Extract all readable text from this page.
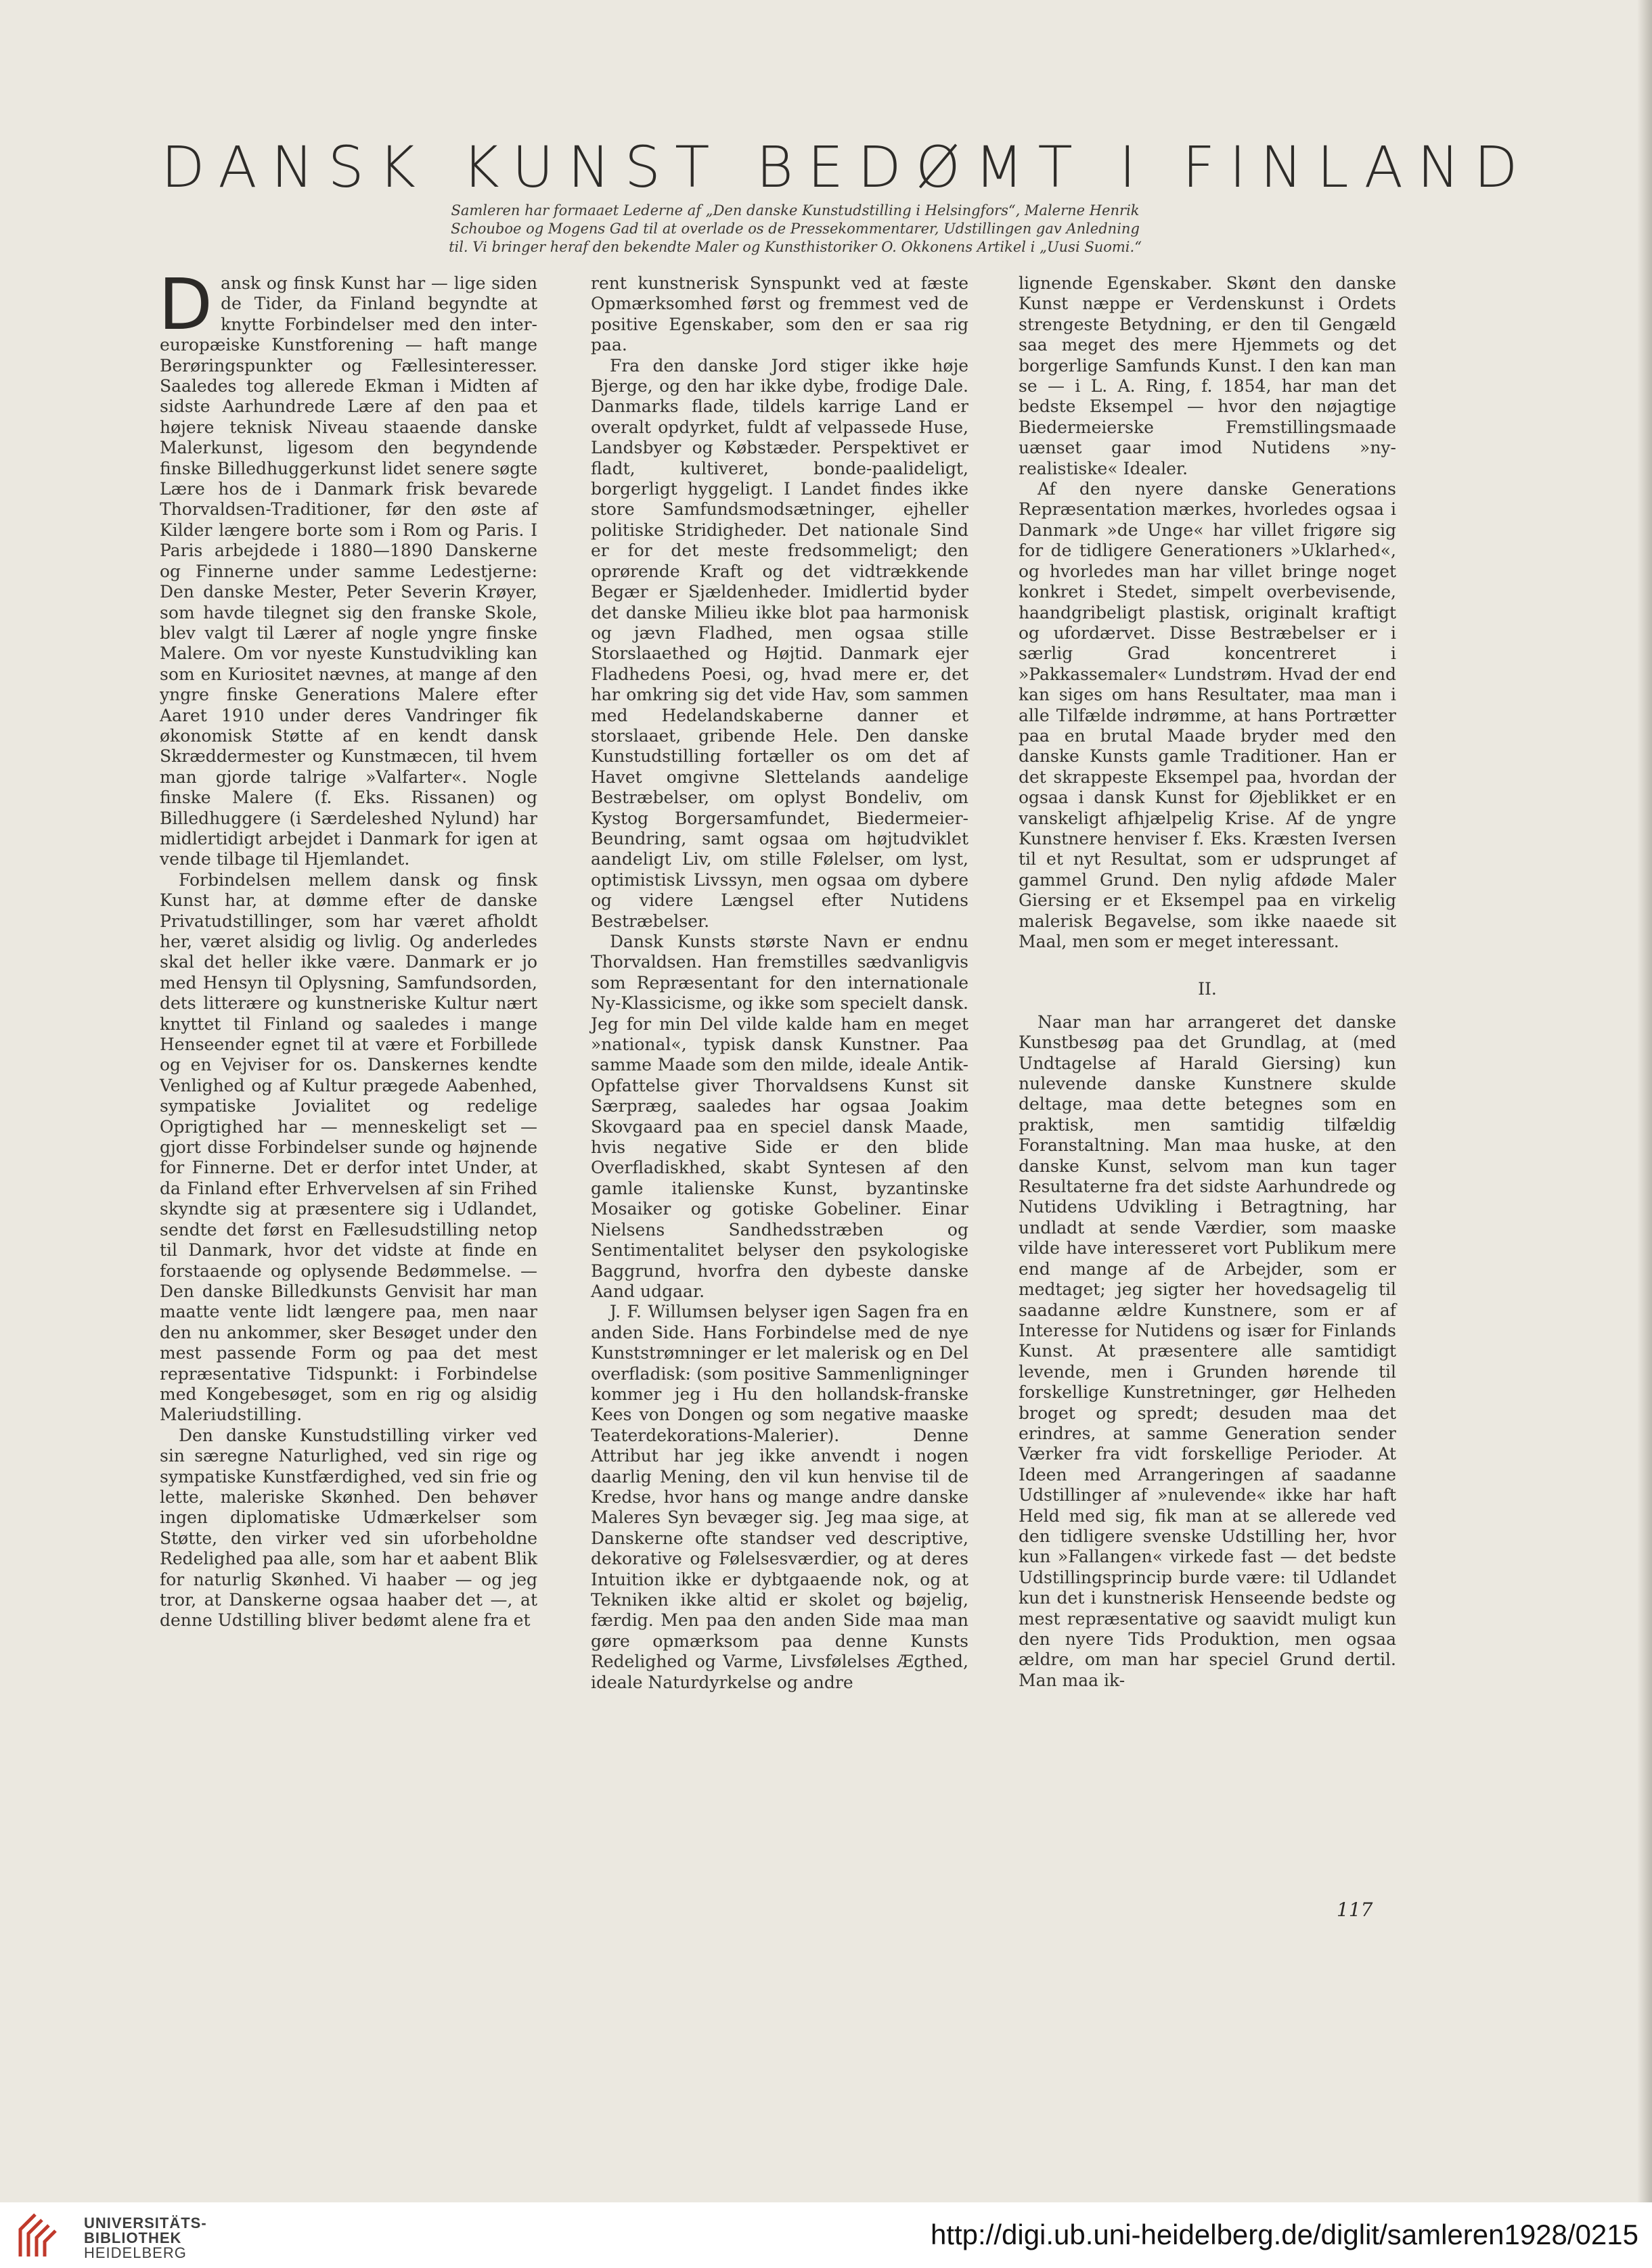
DANSK KUNST BEDØMT I FINLAND
Samleren har formaaet Lederne af „Den danske Kunstudstilling i Helsingfors“, Malerne Henrik
Schouboe og Mogens Gad til at overlade os de Pressekommentarer, Udstillingen gav Anledning
til. Vi bringer heraf den bekendte Maler og Kunsthistoriker O. Okkonens Artikel i „Uusi Suomi.“

Dansk og finsk Kunst har — lige siden de Tider, da Finland begyndte at knytte Forbindelser med den inter-europæiske Kunstforening — haft mange Berøringspunkter og Fællesinteresser. Saaledes tog allerede Ekman i Midten af sidste Aarhundrede Lære af den paa et højere teknisk Niveau staaende danske Malerkunst, ligesom den begyndende finske Billedhuggerkunst lidet senere søgte Lære hos de i Danmark frisk bevarede Thorvaldsen-Traditioner, før den øste af Kilder længere borte som i Rom og Paris. I Paris arbejdede i 1880—1890 Danskerne og Finnerne under samme Ledestjerne: Den danske Mester, Peter Severin Krøyer, som havde tilegnet sig den franske Skole, blev valgt til Lærer af nogle yngre finske Malere. Om vor nyeste Kunstudvikling kan som en Kuriositet nævnes, at mange af den yngre finske Generations Malere efter Aaret 1910 under deres Vandringer fik økonomisk Støtte af en kendt dansk Skræddermester og Kunstmæcen, til hvem man gjorde talrige »Valfarter«. Nogle finske Malere (f. Eks. Rissanen) og Billedhuggere (i Særdeleshed Nylund) har midlertidigt arbejdet i Danmark for igen at vende tilbage til Hjemlandet.

Forbindelsen mellem dansk og finsk Kunst har, at dømme efter de danske Privatudstillinger, som har været afholdt her, været alsidig og livlig. Og anderledes skal det heller ikke være. Danmark er jo med Hensyn til Oplysning, Samfundsorden, dets litterære og kunstneriske Kultur nært knyttet til Finland og saaledes i mange Henseender egnet til at være et Forbillede og en Vejviser for os. Danskernes kendte Venlighed og af Kultur prægede Aabenhed, sympatiske Jovialitet og redelige Oprigtighed har — menneskeligt set — gjort disse Forbindelser sunde og højnende for Finnerne. Det er derfor intet Under, at da Finland efter Erhvervelsen af sin Frihed skyndte sig at præsentere sig i Udlandet, sendte det først en Fællesudstilling netop til Danmark, hvor det vidste at finde en forstaaende og oplysende Bedømmelse. — Den danske Billedkunsts Genvisit har man maatte vente lidt længere paa, men naar den nu ankommer, sker Besøget under den mest passende Form og paa det mest repræsentative Tidspunkt: i Forbindelse med Kongebesøget, som en rig og alsidig Maleriudstilling.

Den danske Kunstudstilling virker ved sin særegne Naturlighed, ved sin rige og sympatiske Kunstfærdighed, ved sin frie og lette, maleriske Skønhed. Den behøver ingen diplomatiske Udmærkelser som Støtte, den virker ved sin uforbeholdne Redelighed paa alle, som har et aabent Blik for naturlig Skønhed. Vi haaber — og jeg tror, at Danskerne ogsaa haaber det —, at denne Udstilling bliver bedømt alene fra et

rent kunstnerisk Synspunkt ved at fæste Opmærksomhed først og fremmest ved de positive Egenskaber, som den er saa rig paa.

Fra den danske Jord stiger ikke høje Bjerge, og den har ikke dybe, frodige Dale. Danmarks flade, tildels karrige Land er overalt opdyrket, fuldt af velpassede Huse, Landsbyer og Købstæder. Perspektivet er fladt, kultiveret, bonde-paalideligt, borgerligt hyggeligt. I Landet findes ikke store Samfundsmodsætninger, ejheller politiske Stridigheder. Det nationale Sind er for det meste fredsommeligt; den oprørende Kraft og det vidtrækkende Begær er Sjældenheder. Imidlertid byder det danske Milieu ikke blot paa harmonisk og jævn Fladhed, men ogsaa stille Storslaaethed og Højtid. Danmark ejer Fladhedens Poesi, og, hvad mere er, det har omkring sig det vide Hav, som sammen med Hedelandskaberne danner et storslaaet, gribende Hele. Den danske Kunstudstilling fortæller os om det af Havet omgivne Slettelands aandelige Bestræbelser, om oplyst Bondeliv, om Kystog Borgersamfundet, Biedermeier-Beundring, samt ogsaa om højtudviklet aandeligt Liv, om stille Følelser, om lyst, optimistisk Livssyn, men ogsaa om dybere og videre Længsel efter Nutidens Bestræbelser.

Dansk Kunsts største Navn er endnu Thorvaldsen. Han fremstilles sædvanligvis som Repræsentant for den internationale Ny-Klassicisme, og ikke som specielt dansk. Jeg for min Del vilde kalde ham en meget »national«, typisk dansk Kunstner. Paa samme Maade som den milde, ideale Antik-Opfattelse giver Thorvaldsens Kunst sit Særpræg, saaledes har ogsaa Joakim Skovgaard paa en speciel dansk Maade, hvis negative Side er den blide Overfladiskhed, skabt Syntesen af den gamle italienske Kunst, byzantinske Mosaiker og gotiske Gobeliner. Einar Nielsens Sandhedsstræben og Sentimentalitet belyser den psykologiske Baggrund, hvorfra den dybeste danske Aand udgaar.

J. F. Willumsen belyser igen Sagen fra en anden Side. Hans Forbindelse med de nye Kunststrømninger er let malerisk og en Del overfladisk: (som positive Sammenligninger kommer jeg i Hu den hollandsk-franske Kees von Dongen og som negative maaske Teaterdekorations-Malerier). Denne Attribut har jeg ikke anvendt i nogen daarlig Mening, den vil kun henvise til de Kredse, hvor hans og mange andre danske Maleres Syn bevæger sig. Jeg maa sige, at Danskerne ofte standser ved descriptive, dekorative og Følelsesværdier, og at deres Intuition ikke er dybtgaaende nok, og at Tekniken ikke altid er skolet og bøjelig, færdig. Men paa den anden Side maa man gøre opmærksom paa denne Kunsts Redelighed og Varme, Livsfølelses Ægthed, ideale Naturdyrkelse og andre

lignende Egenskaber. Skønt den danske Kunst næppe er Verdenskunst i Ordets strengeste Betydning, er den til Gengæld saa meget des mere Hjemmets og det borgerlige Samfunds Kunst. I den kan man se — i L. A. Ring, f. 1854, har man det bedste Eksempel — hvor den nøjagtige Biedermeierske Fremstillingsmaade uænset gaar imod Nutidens »ny-realistiske« Idealer.

Af den nyere danske Generations Repræsentation mærkes, hvorledes ogsaa i Danmark »de Unge« har villet frigøre sig for de tidligere Generationers »Uklarhed«, og hvorledes man har villet bringe noget konkret i Stedet, simpelt overbevisende, haandgribeligt plastisk, originalt kraftigt og ufordærvet. Disse Bestræbelser er i særlig Grad koncentreret i »Pakkassemaler« Lundstrøm. Hvad der end kan siges om hans Resultater, maa man i alle Tilfælde indrømme, at hans Portrætter paa en brutal Maade bryder med den danske Kunsts gamle Traditioner. Han er det skrappeste Eksempel paa, hvordan der ogsaa i dansk Kunst for Øjeblikket er en vanskeligt afhjælpelig Krise. Af de yngre Kunstnere henviser f. Eks. Kræsten Iversen til et nyt Resultat, som er udsprunget af gammel Grund. Den nylig afdøde Maler Giersing er et Eksempel paa en virkelig malerisk Begavelse, som ikke naaede sit Maal, men som er meget interessant.

II.

Naar man har arrangeret det danske Kunstbesøg paa det Grundlag, at (med Undtagelse af Harald Giersing) kun nulevende danske Kunstnere skulde deltage, maa dette betegnes som en praktisk, men samtidig tilfældig Foranstaltning. Man maa huske, at den danske Kunst, selvom man kun tager Resultaterne fra det sidste Aarhundrede og Nutidens Udvikling i Betragtning, har undladt at sende Værdier, som maaske vilde have interesseret vort Publikum mere end mange af de Arbejder, som er medtaget; jeg sigter her hovedsagelig til saadanne ældre Kunstnere, som er af Interesse for Nutidens og især for Finlands Kunst. At præsentere alle samtidigt levende, men i Grunden hørende til forskellige Kunstretninger, gør Helheden broget og spredt; desuden maa det erindres, at samme Generation sender Værker fra vidt forskellige Perioder. At Ideen med Arrangeringen af saadanne Udstillinger af »nulevende« ikke har haft Held med sig, fik man at se allerede ved den tidligere svenske Udstilling her, hvor kun »Fallangen« virkede fast — det bedste Udstillingsprincip burde være: til Udlandet kun det i kunstnerisk Henseende bedste og mest repræsentative og saavidt muligt kun den nyere Tids Produktion, men ogsaa ældre, om man har speciel Grund dertil. Man maa ik-

117
UNIVERSITÄTS-
BIBLIOTHEK
HEIDELBERG
http://digi.ub.uni-heidelberg.de/diglit/samleren1928/0215
